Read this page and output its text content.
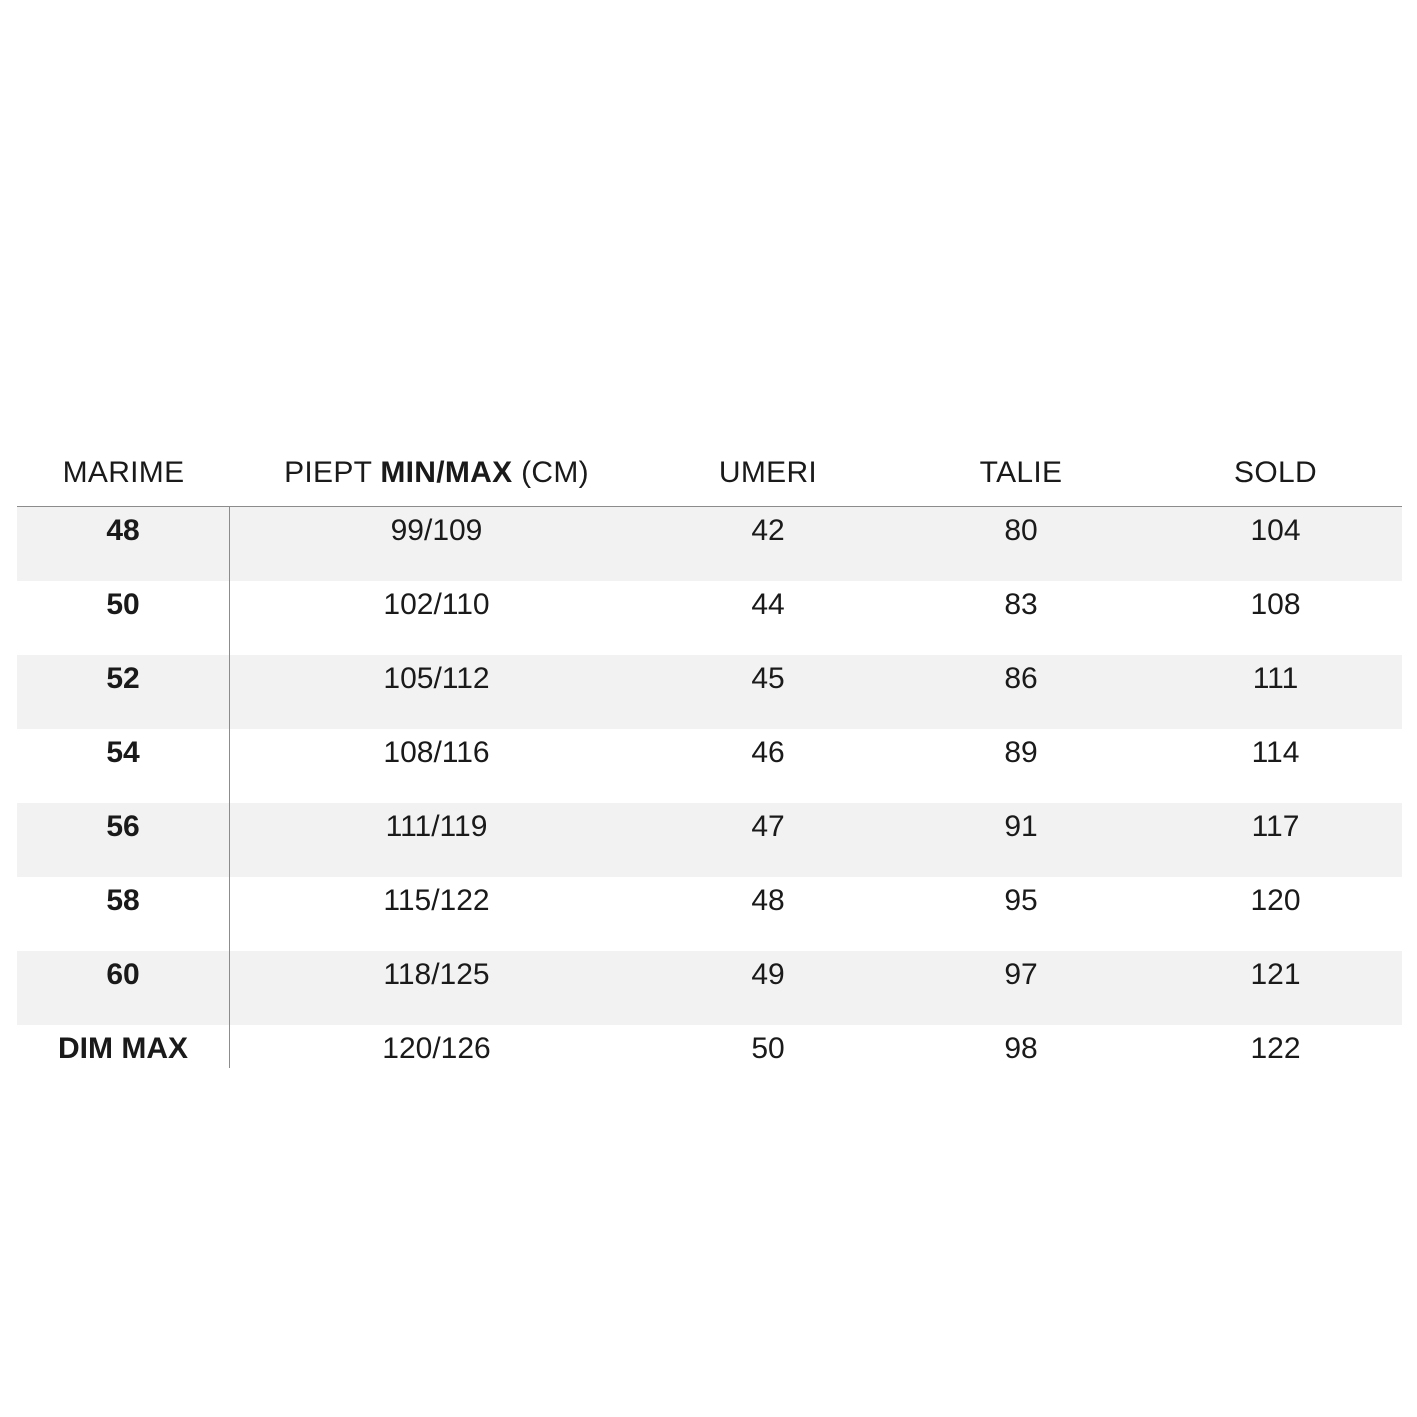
MARIME	PIEPT MIN/MAX (CM)	UMERI	TALIE	SOLD
48	99/109	42	80	104
50	102/110	44	83	108
52	105/112	45	86	111
54	108/116	46	89	114
56	111/119	47	91	117
58	115/122	48	95	120
60	118/125	49	97	121
DIM MAX	120/126	50	98	122
